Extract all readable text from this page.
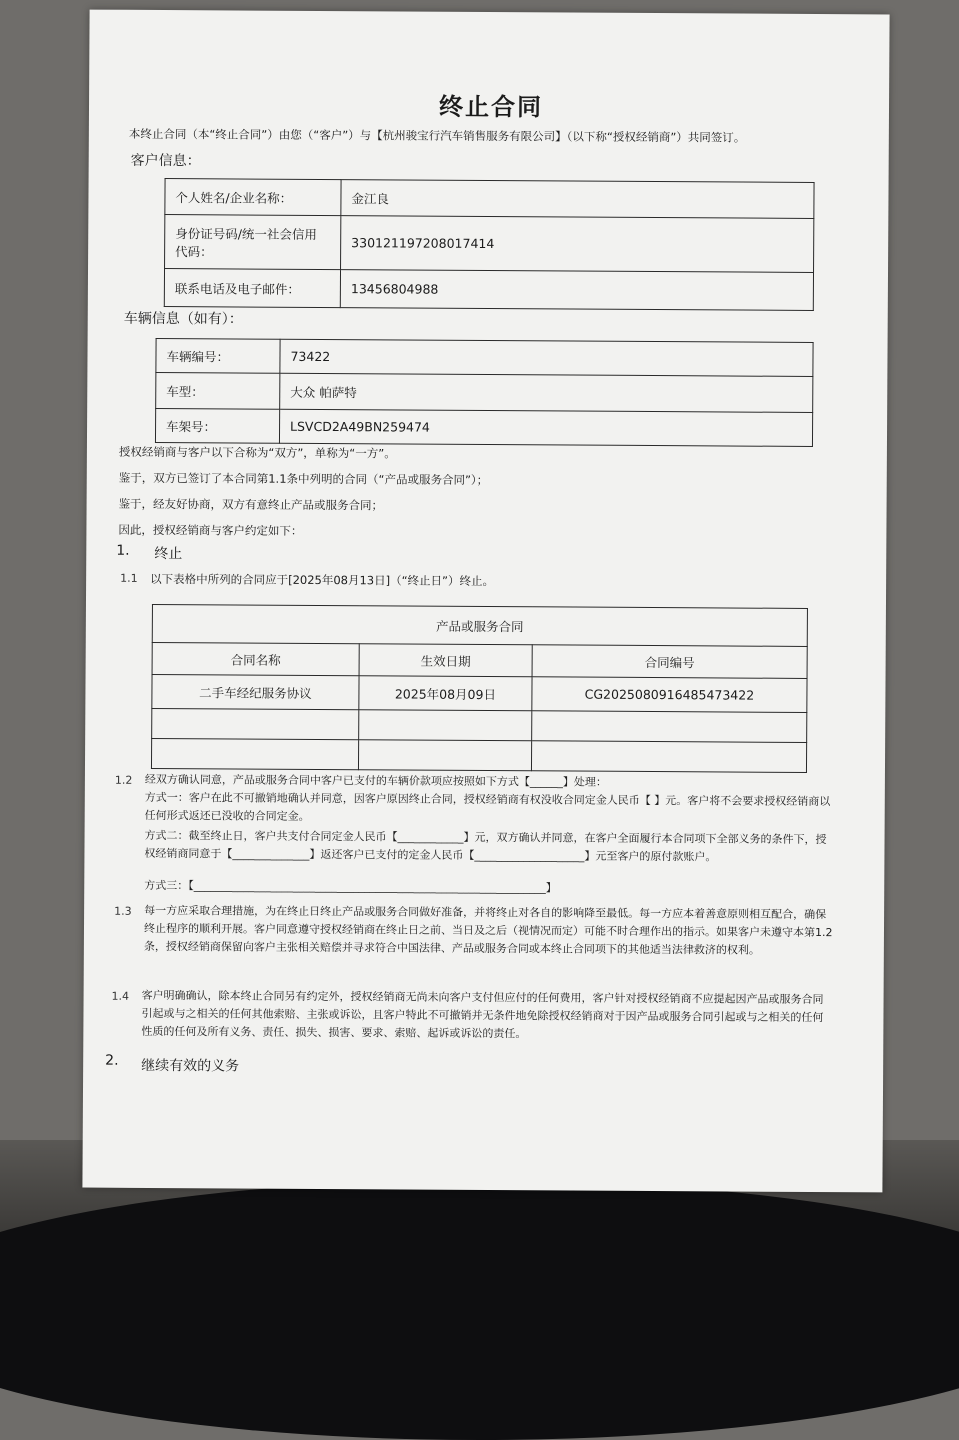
终止合同
本终止合同（本“终止合同”）由您（“客户”）与【杭州骏宝行汽车销售服务有限公司】（以下称“授权经销商”）共同签订。
客户信息：
个人姓名/企业名称：	金江良

身份证号码/统一社会信用
代码：	330121197208017414
联系电话及电子邮件：	13456804988
车辆信息（如有）：
车辆编号：	73422
车型：	大众 帕萨特
车架号：	LSVCD2A49BN259474
授权经销商与客户以下合称为“双方”，单称为“一方”。
鉴于，双方已签订了本合同第1.1条中列明的合同（“产品或服务合同”）；
鉴于，经友好协商，双方有意终止产品或服务合同；
因此，授权经销商与客户约定如下：
1. 终止
1.1 以下表格中所列的合同应于[2025年08月13日]（“终止日”）终止。
产品或服务合同		
合同名称	生效日期	合同编号
二手车经纪服务协议	2025年08月09日	CG2025080916485473422

1.2 经双方确认同意，产品或服务合同中客户已支付的车辆价款项应按照如下方式【______】处理：
方式一：客户在此不可撤销地确认并同意，因客户原因终止合同，授权经销商有权没收合同定金人民币【 】元。客户将不会要求授权经销商以任何形式返还已没收的合同定金。
方式二：截至终止日，客户共支付合同定金人民币【____________】元，双方确认并同意，在客户全面履行本合同项下全部义务的条件下，授权经销商同意于【______________】返还客户已支付的定金人民币【____________________】元至客户的原付款账户。
方式三：【________________________________________________________________】
1.3 每一方应采取合理措施，为在终止日终止产品或服务合同做好准备，并将终止对各自的影响降至最低。每一方应本着善意原则相互配合，确保终止程序的顺利开展。客户同意遵守授权经销商在终止日之前、当日及之后（视情况而定）可能不时合理作出的指示。如果客户未遵守本第1.2条，授权经销商保留向客户主张相关赔偿并寻求符合中国法律、产品或服务合同或本终止合同项下的其他适当法律救济的权利。
1.4 客户明确确认，除本终止合同另有约定外，授权经销商无尚未向客户支付但应付的任何费用，客户针对授权经销商不应提起因产品或服务合同引起或与之相关的任何其他索赔、主张或诉讼，且客户特此不可撤销并无条件地免除授权经销商对于因产品或服务合同引起或与之相关的任何性质的任何及所有义务、责任、损失、损害、要求、索赔、起诉或诉讼的责任。
2. 继续有效的义务
